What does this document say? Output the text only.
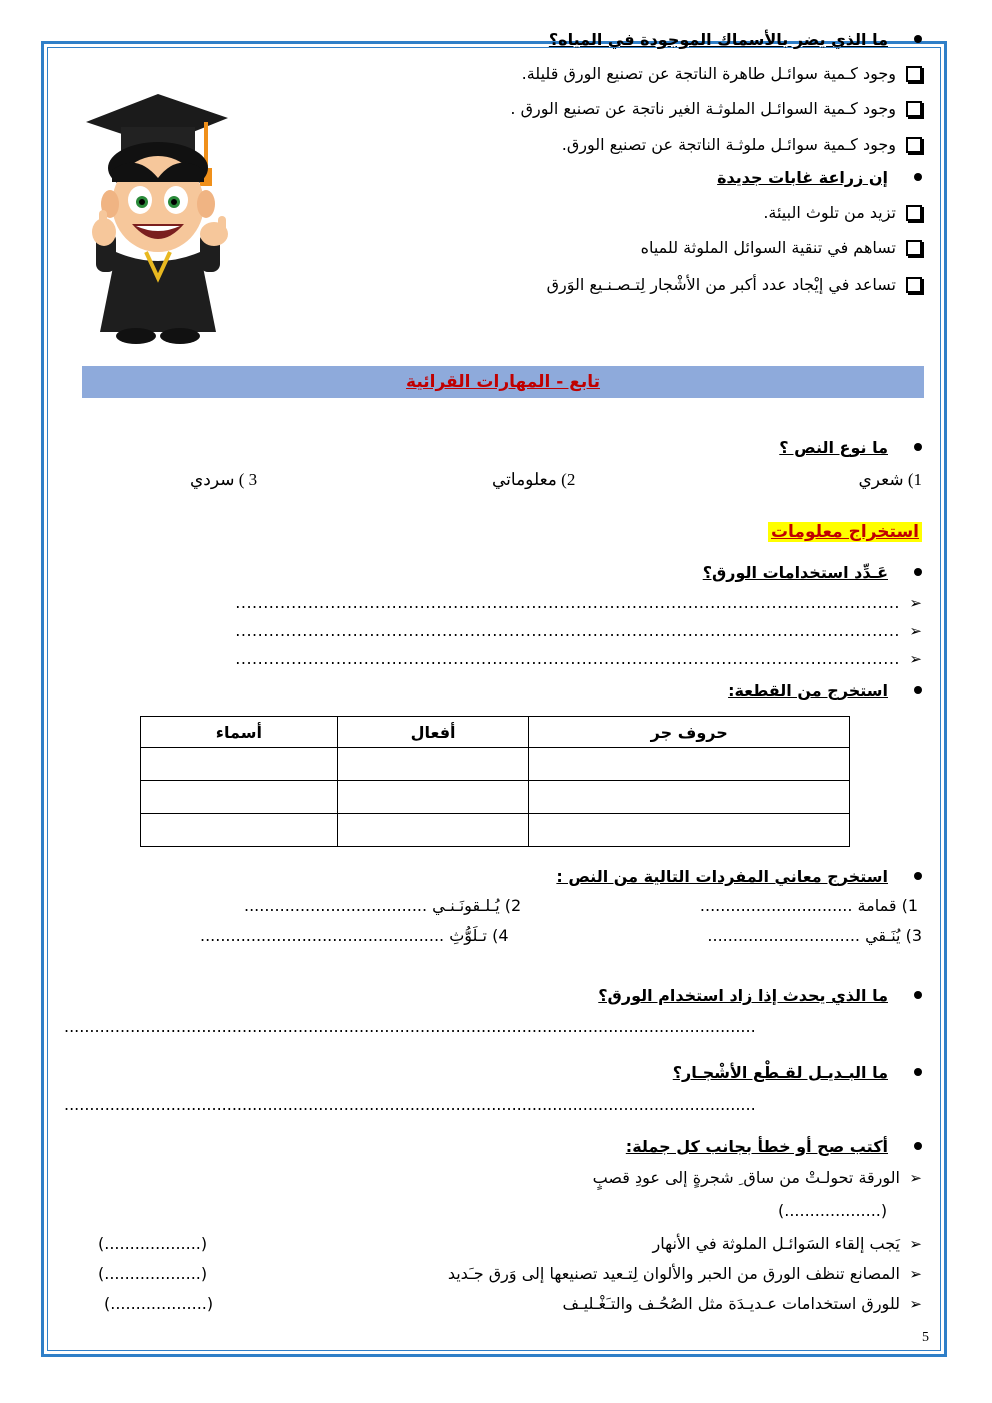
ما الذي يضر بالأسماك الموجودة في المياه؟
وجود كـمية سوائـل طاهرة الناتجة عن تصنيع الورق قليلة.
وجود كـمية السوائـل الملوثـة الغير ناتجة عن تصنيع الورق .
وجود كـمية سوائـل ملوثـة الناتجة عن تصنيع الورق.
إن زراعة غابات جديدة
تزيد من تلوث البيئة.
تساهم في تنقية السوائل الملوثة للمياه
تساعد في إيْجاد عدد أكبر من الأشْجار لِتـصـنـيع الوَرق
تابع - المهارات القرائية
ما نوع النص ؟
1) شعري
2) معلوماتي
3 ) سردي
استخراج معلومات
عَـدِّد استخدامات الورق؟
➢.......................................................................................................................
➢.......................................................................................................................
➢.......................................................................................................................
استخرج من القطعة:
حروف جر	أفعال	أسماء

استخرج معاني المفردات التالية من النص :
1) قمامة ..............................
2) يُـلـقونَـنـي ....................................
3) يُنَـقي ..............................
4) تـلَوُّثِ ................................................
ما الذي يحدث إذا زاد استخدام الورق؟
........................................................................................................................................
ما البـديـل لقـطْع الأشْجـار؟
........................................................................................................................................
أكتب صح أو خطأ بجانب كل جملة:
➢الورقة تحولـتْ من ساق ِ شجرةٍ إلى عودِ قصبٍ
(...................)
➢يَجب إلقاء السَوائـل الملوثة في الأنهار
(...................)
➢المصانع تنظف الورق من الحبر والألوان لِتـعيد تصنيعها إلى وَرق جـَديد
(...................)
➢للورق استخدامات عـديـدَة مثل الصُحُـف والتـَغْـليـف
(...................)
5
